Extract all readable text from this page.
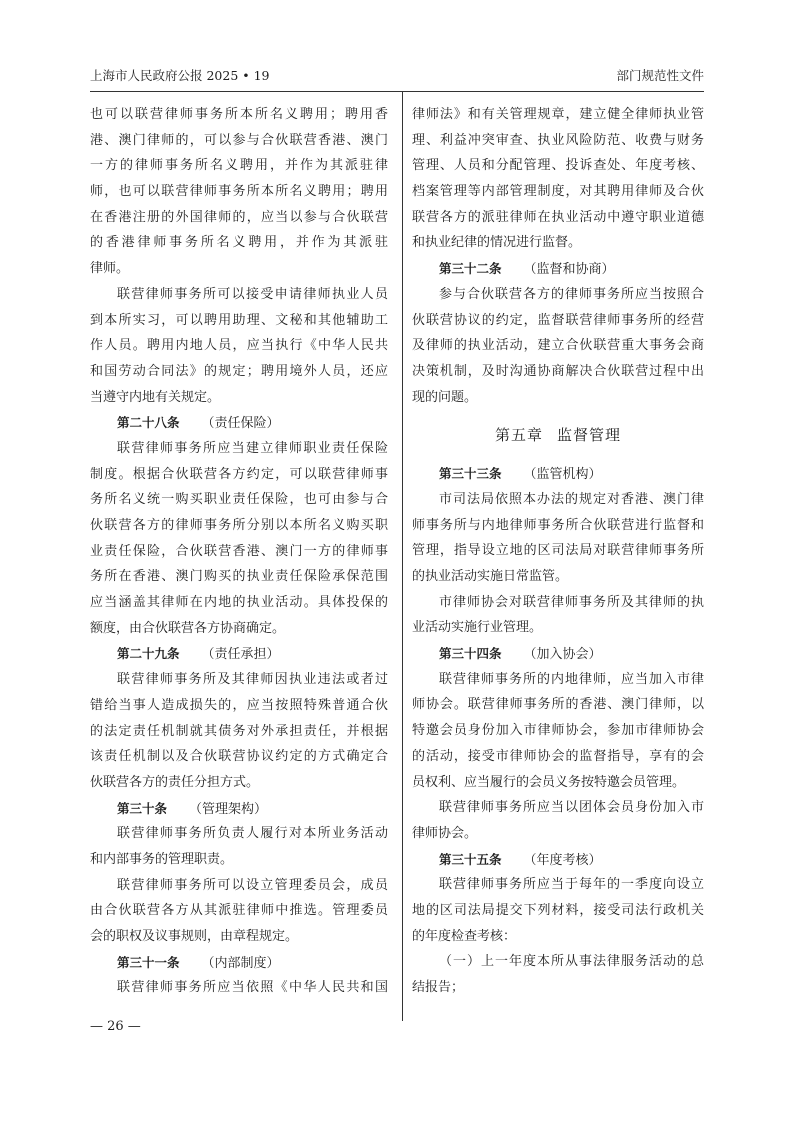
上海市人民政府公报 2025 • 19	部门规范性文件
也可以联营律师事务所本所名义聘用；聘用香
港、澳门律师的，可以参与合伙联营香港、澳门
一方的律师事务所名义聘用，并作为其派驻律
师，也可以联营律师事务所本所名义聘用；聘用
在香港注册的外国律师的，应当以参与合伙联营
的香港律师事务所名义聘用，并作为其派驻
律师。
联营律师事务所可以接受申请律师执业人员
到本所实习，可以聘用助理、文秘和其他辅助工
作人员。聘用内地人员，应当执行《中华人民共
和国劳动合同法》的规定；聘用境外人员，还应
当遵守内地有关规定。
第二十八条 （责任保险）
联营律师事务所应当建立律师职业责任保险
制度。根据合伙联营各方约定，可以联营律师事
务所名义统一购买职业责任保险，也可由参与合
伙联营各方的律师事务所分别以本所名义购买职
业责任保险，合伙联营香港、澳门一方的律师事
务所在香港、澳门购买的执业责任保险承保范围
应当涵盖其律师在内地的执业活动。具体投保的
额度，由合伙联营各方协商确定。
第二十九条 （责任承担）
联营律师事务所及其律师因执业违法或者过
错给当事人造成损失的，应当按照特殊普通合伙
的法定责任机制就其债务对外承担责任，并根据
该责任机制以及合伙联营协议约定的方式确定合
伙联营各方的责任分担方式。
第三十条 （管理架构）
联营律师事务所负责人履行对本所业务活动
和内部事务的管理职责。
联营律师事务所可以设立管理委员会，成员
由合伙联营各方从其派驻律师中推选。管理委员
会的职权及议事规则，由章程规定。
第三十一条 （内部制度）
联营律师事务所应当依照《中华人民共和国
律师法》和有关管理规章，建立健全律师执业管
理、利益冲突审查、执业风险防范、收费与财务
管理、人员和分配管理、投诉查处、年度考核、
档案管理等内部管理制度，对其聘用律师及合伙
联营各方的派驻律师在执业活动中遵守职业道德
和执业纪律的情况进行监督。
第三十二条 （监督和协商）
参与合伙联营各方的律师事务所应当按照合
伙联营协议的约定，监督联营律师事务所的经营
及律师的执业活动，建立合伙联营重大事务会商
决策机制，及时沟通协商解决合伙联营过程中出
现的问题。
第五章 监督管理
第三十三条 （监管机构）
市司法局依照本办法的规定对香港、澳门律
师事务所与内地律师事务所合伙联营进行监督和
管理，指导设立地的区司法局对联营律师事务所
的执业活动实施日常监管。
市律师协会对联营律师事务所及其律师的执
业活动实施行业管理。
第三十四条 （加入协会）
联营律师事务所的内地律师，应当加入市律
师协会。联营律师事务所的香港、澳门律师，以
特邀会员身份加入市律师协会，参加市律师协会
的活动，接受市律师协会的监督指导，享有的会
员权利、应当履行的会员义务按特邀会员管理。
联营律师事务所应当以团体会员身份加入市
律师协会。
第三十五条 （年度考核）
联营律师事务所应当于每年的一季度向设立
地的区司法局提交下列材料，接受司法行政机关
的年度检查考核：
（一）上一年度本所从事法律服务活动的总
结报告；
— 26 —
